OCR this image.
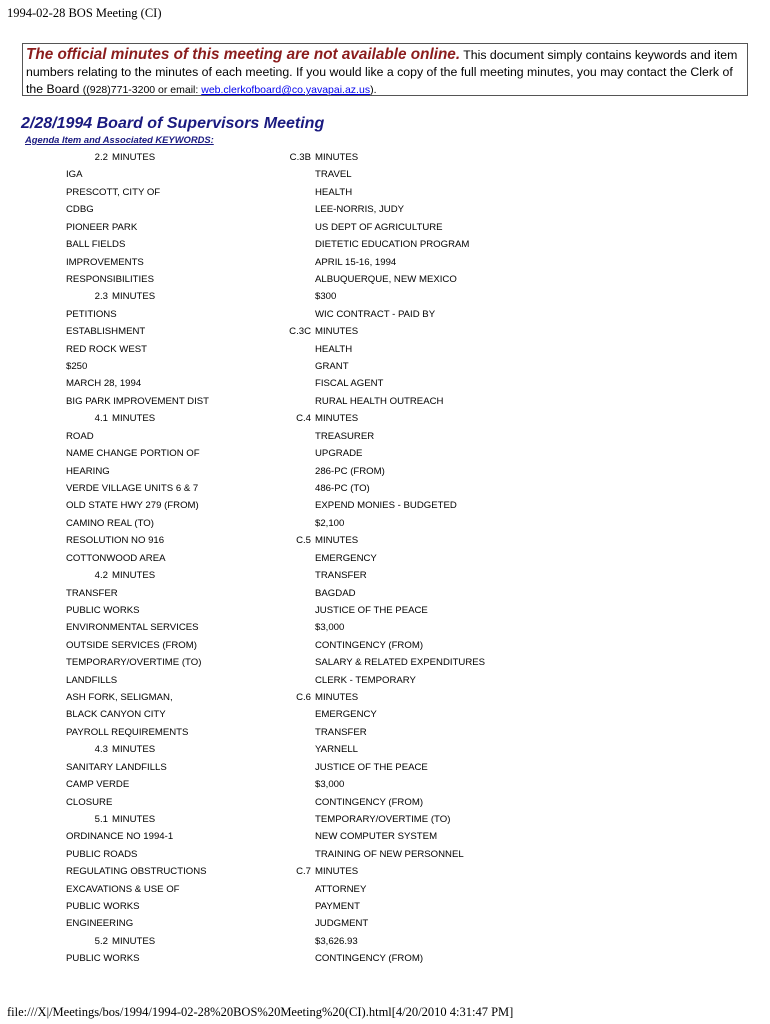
1994-02-28 BOS Meeting (CI)
The official minutes of this meeting are not available online. This document simply contains keywords and item numbers relating to the minutes of each meeting. If you would like a copy of the full meeting minutes, you may contact the Clerk of the Board ((928)771-3200 or email: web.clerkofboard@co.yavapai.az.us).
2/28/1994 Board of Supervisors Meeting
Agenda Item and Associated KEYWORDS:
2.2 MINUTES
IGA
PRESCOTT, CITY OF
CDBG
PIONEER PARK
BALL FIELDS
IMPROVEMENTS
RESPONSIBILITIES
2.3 MINUTES
PETITIONS
ESTABLISHMENT
RED ROCK WEST
$250
MARCH 28, 1994
BIG PARK IMPROVEMENT DIST
4.1 MINUTES
ROAD
NAME CHANGE PORTION OF
HEARING
VERDE VILLAGE UNITS 6 & 7
OLD STATE HWY 279 (FROM)
CAMINO REAL (TO)
RESOLUTION NO 916
COTTONWOOD AREA
4.2 MINUTES
TRANSFER
PUBLIC WORKS
ENVIRONMENTAL SERVICES
OUTSIDE SERVICES (FROM)
TEMPORARY/OVERTIME (TO)
LANDFILLS
ASH FORK, SELIGMAN,
BLACK CANYON CITY
PAYROLL REQUIREMENTS
4.3 MINUTES
SANITARY LANDFILLS
CAMP VERDE
CLOSURE
5.1 MINUTES
ORDINANCE NO 1994-1
PUBLIC ROADS
REGULATING OBSTRUCTIONS
EXCAVATIONS & USE OF
PUBLIC WORKS
ENGINEERING
5.2 MINUTES
PUBLIC WORKS
C.3B MINUTES
TRAVEL
HEALTH
LEE-NORRIS, JUDY
US DEPT OF AGRICULTURE
DIETETIC EDUCATION PROGRAM
APRIL 15-16, 1994
ALBUQUERQUE, NEW MEXICO
$300
WIC CONTRACT - PAID BY
C.3C MINUTES
HEALTH
GRANT
FISCAL AGENT
RURAL HEALTH OUTREACH
C.4 MINUTES
TREASURER
UPGRADE
286-PC (FROM)
486-PC (TO)
EXPEND MONIES - BUDGETED
$2,100
C.5 MINUTES
EMERGENCY
TRANSFER
BAGDAD
JUSTICE OF THE PEACE
$3,000
CONTINGENCY (FROM)
SALARY & RELATED EXPENDITURES
CLERK - TEMPORARY
C.6 MINUTES
EMERGENCY
TRANSFER
YARNELL
JUSTICE OF THE PEACE
$3,000
CONTINGENCY (FROM)
TEMPORARY/OVERTIME (TO)
NEW COMPUTER SYSTEM
TRAINING OF NEW PERSONNEL
C.7 MINUTES
ATTORNEY
PAYMENT
JUDGMENT
$3,626.93
CONTINGENCY (FROM)
file:///X|/Meetings/bos/1994/1994-02-28%20BOS%20Meeting%20(CI).html[4/20/2010 4:31:47 PM]
